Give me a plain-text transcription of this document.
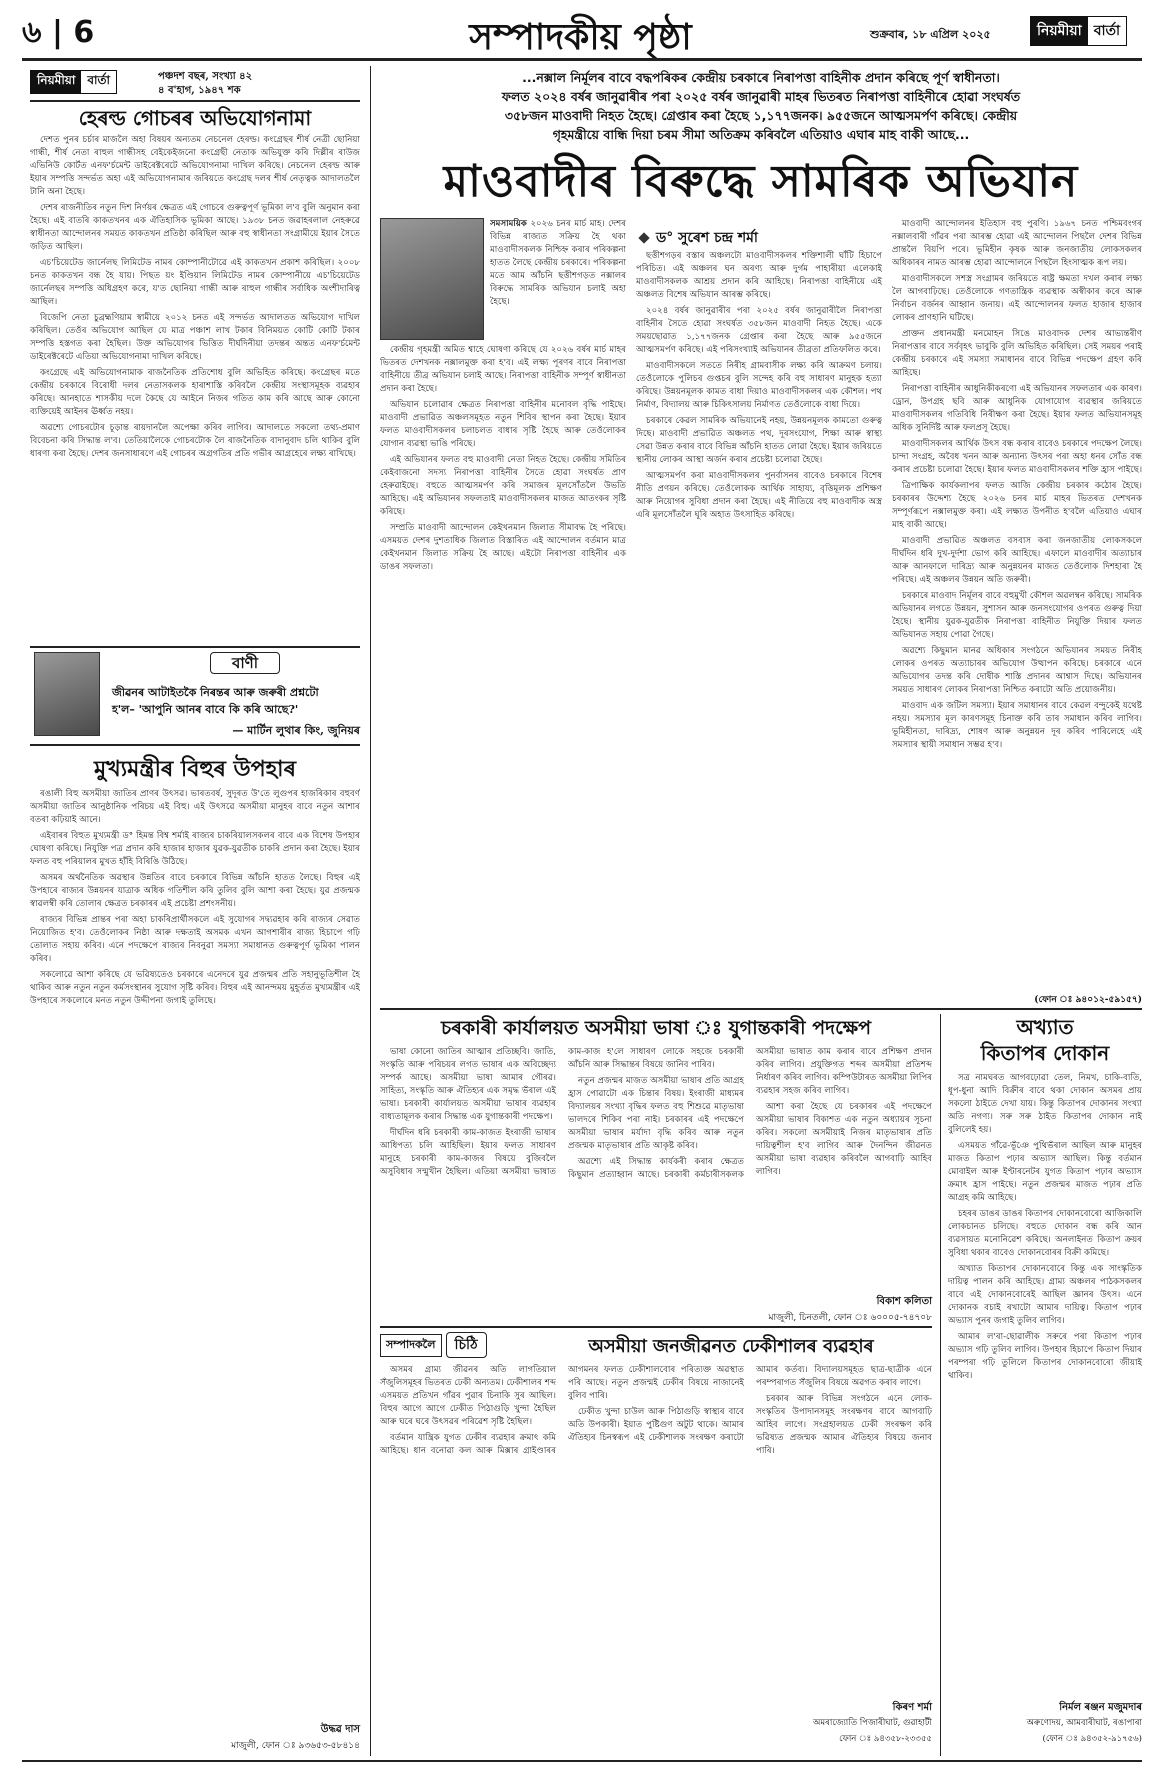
৬ | 6	সম্পাদকীয় পৃষ্ঠা	শুক্ৰবাৰ, ১৮ এপ্ৰিল ২০২৫	নিয়মীয়া বাৰ্তা
নিয়মীয়া	বাৰ্তা	পঞ্চদশ বছৰ, সংখ্যা ৪২
৪ ব'হাগ, ১৯৪৭ শক
হেৰল্ড গোচৰৰ অভিযোগনামা

দেশত পুনৰ চৰ্চাৰ মাজলৈ অহা বিষয়ৰ অন্যতম নেচনেল হেৰল্ড। কংগ্ৰেছৰ শীৰ্ষ নেত্ৰী ছোনিয়া গান্ধী, শীৰ্ষ নেতা ৰাহুল গান্ধীসহ বেইকেইজনো কংগ্ৰেছী নেতাক অভিযুক্ত কৰি দিল্লীৰ ৰাউজ এভিনিউ কোৰ্টত এনফ'ৰ্চমেন্ট ডাইৰেক্টৰেটে অভিযোগনামা দাখিল কৰিছে। নেচনেল হেৰল্ড আৰু ইয়াৰ সম্পত্তি সন্দৰ্ভত অহা এই অভিযোগনামাৰ জৰিয়তে কংগ্ৰেছ দলৰ শীৰ্ষ নেতৃত্বক আদালতলৈ টানি অনা হৈছে।

দেশৰ ৰাজনীতিৰ নতুন দিশ নিৰ্ণয়ৰ ক্ষেত্ৰত এই গোচৰে গুৰুত্বপূৰ্ণ ভূমিকা ল'ব বুলি অনুমান কৰা হৈছে। এই বাতৰি কাকতখনৰ এক ঐতিহাসিক ভূমিকা আছে। ১৯৩৮ চনত জৱাহৰলাল নেহৰুৱে স্বাধীনতা আন্দোলনৰ সময়ত কাকতখন প্ৰতিষ্ঠা কৰিছিল আৰু বহু স্বাধীনতা সংগ্ৰামীয়ে ইয়াৰ সৈতে জড়িত আছিল।

এচ'চিয়েটেড জাৰ্নেলছ লিমিটেড নামৰ কোম্পানীটোৱে এই কাকতখন প্ৰকাশ কৰিছিল। ২০০৮ চনত কাকতখন বন্ধ হৈ যায়। পিছত য়ং ইণ্ডিয়ান লিমিটেড নামৰ কোম্পানীয়ে এচ'চিয়েটেড জাৰ্নেলছৰ সম্পত্তি অধিগ্ৰহণ কৰে, য'ত ছোনিয়া গান্ধী আৰু ৰাহুল গান্ধীৰ সৰ্বাধিক অংশীদাৰিত্ব আছিল।

বিজেপি নেতা চুব্ৰহ্মণিয়াম স্বামীয়ে ২০১২ চনত এই সন্দৰ্ভত আদালতত অভিযোগ দাখিল কৰিছিল। তেওঁৰ অভিযোগ আছিল যে মাত্ৰ পঞ্চাশ লাখ টকাৰ বিনিময়ত কোটি কোটি টকাৰ সম্পত্তি হস্তগত কৰা হৈছিল। উক্ত অভিযোগৰ ভিত্তিত দীৰ্ঘদিনীয়া তদন্তৰ অন্তত এনফ'ৰ্চমেন্ট ডাইৰেক্টৰেটে এতিয়া অভিযোগনামা দাখিল কৰিছে।

কংগ্ৰেছে এই অভিযোগনামাক ৰাজনৈতিক প্ৰতিশোধ বুলি অভিহিত কৰিছে। কংগ্ৰেছৰ মতে কেন্দ্ৰীয় চৰকাৰে বিৰোধী দলৰ নেতাসকলক হাৰাশাস্তি কৰিবলৈ কেন্দ্ৰীয় সংস্থাসমূহক ব্যৱহাৰ কৰিছে। আনহাতে শাসকীয় দলে কৈছে যে আইনে নিজৰ গতিত কাম কৰি আছে আৰু কোনো ব্যক্তিয়েই আইনৰ ঊৰ্ধ্বত নহয়।

অৱশ্যে গোচৰটোৰ চূড়ান্ত ৰায়দানলৈ অপেক্ষা কৰিব লাগিব। আদালতে সকলো তথ্য-প্ৰমাণ বিবেচনা কৰি সিদ্ধান্ত ল'ব। তেতিয়ালৈকে গোচৰটোক লৈ ৰাজনৈতিক বাদানুবাদ চলি থাকিব বুলি ধাৰণা কৰা হৈছে। দেশৰ জনসাধাৰণে এই গোচৰৰ অগ্ৰগতিৰ প্ৰতি গভীৰ আগ্ৰহেৰে লক্ষ্য ৰাখিছে।

বাণী
জীৱনৰ আটাইতকৈ নিৰন্তৰ আৰু জৰুৰী প্ৰশ্নটো
হ'ল– 'আপুনি আনৰ বাবে কি কৰি আছে?'
— মাৰ্টিন লুথাৰ কিং, জুনিয়ৰ
মুখ্যমন্ত্ৰীৰ বিহুৰ উপহাৰ

ৰঙালী বিহু অসমীয়া জাতিৰ প্ৰাণৰ উৎসৱ। ভাৰতবৰ্ষ, সুদূৰত উ'তে লুগুপৰ হাজৰিকাৰ বহুবৰ্ণ অসমীয়া জাতিৰ আনুষ্ঠানিক পৰিচয় এই বিহু। এই উৎসৱে অসমীয়া মানুহৰ বাবে নতুন আশাৰ বতৰা কঢ়িয়াই আনে।

এইবাৰৰ বিহুত মুখ্যমন্ত্ৰী ড° হিমন্ত বিশ্ব শৰ্মাই ৰাজ্যৰ চাকৰিয়ালসকলৰ বাবে এক বিশেষ উপহাৰ ঘোষণা কৰিছে। নিযুক্তি পত্ৰ প্ৰদান কৰি হাজাৰ হাজাৰ যুৱক-যুৱতীক চাকৰি প্ৰদান কৰা হৈছে। ইয়াৰ ফলত বহু পৰিয়ালৰ মুখত হাঁহি বিৰিঙি উঠিছে।

অসমৰ অৰ্থনৈতিক অৱস্থাৰ উন্নতিৰ বাবে চৰকাৰে বিভিন্ন আঁচনি হাতত লৈছে। বিহুৰ এই উপহাৰে ৰাজ্যৰ উন্নয়নৰ যাত্ৰাক অধিক গতিশীল কৰি তুলিব বুলি আশা কৰা হৈছে। যুৱ প্ৰজন্মক স্বাৱলম্বী কৰি তোলাৰ ক্ষেত্ৰত চৰকাৰৰ এই প্ৰচেষ্টা প্ৰশংসনীয়।

ৰাজ্যৰ বিভিন্ন প্ৰান্তৰ পৰা অহা চাকৰিপ্ৰাৰ্থীসকলে এই সুযোগৰ সদ্ব্যৱহাৰ কৰি ৰাজ্যৰ সেৱাত নিয়োজিত হ'ব। তেওঁলোকৰ নিষ্ঠা আৰু দক্ষতাই অসমক এখন আগশাৰীৰ ৰাজ্য হিচাপে গঢ়ি তোলাত সহায় কৰিব। এনে পদক্ষেপে ৰাজ্যৰ নিবনুৱা সমস্যা সমাধানত গুৰুত্বপূৰ্ণ ভূমিকা পালন কৰিব।

সকলোৱে আশা কৰিছে যে ভৱিষ্যতেও চৰকাৰে এনেদৰে যুৱ প্ৰজন্মৰ প্ৰতি সহানুভূতিশীল হৈ থাকিব আৰু নতুন নতুন কৰ্মসংস্থানৰ সুযোগ সৃষ্টি কৰিব। বিহুৰ এই আনন্দময় মুহূৰ্তত মুখ্যমন্ত্ৰীৰ এই উপহাৰে সকলোৰে মনত নতুন উদ্দীপনা জগাই তুলিছে।

উদ্ধৱ দাস
মাজুলী, ফোন ঃ ৯৩৬৫৩-৫৮৪১৪
...নক্সাল নিৰ্মূলৰ বাবে বদ্ধপৰিকৰ কেন্দ্ৰীয় চৰকাৰে নিৰাপত্তা বাহিনীক প্ৰদান কৰিছে পূৰ্ণ স্বাধীনতা।
ফলত ২০২৪ বৰ্ষৰ জানুৱাৰীৰ পৰা ২০২৫ বৰ্ষৰ জানুৱাৰী মাহৰ ভিতৰত নিৰাপত্তা বাহিনীৰে হোৱা সংঘৰ্ষত
৩৫৮জন মাওবাদী নিহত হৈছে। গ্ৰেপ্তাৰ কৰা হৈছে ১,১৭৭জনক। ৯৫৫জনে আত্মসমৰ্পণ কৰিছে। কেন্দ্ৰীয়
গৃহমন্ত্ৰীয়ে বান্ধি দিয়া চৰম সীমা অতিক্ৰম কৰিবলৈ এতিয়াও এঘাৰ মাহ বাকী আছে...
মাওবাদীৰ বিৰুদ্ধে সামৰিক অভিযান
ড° সুৰেশ চন্দ্ৰ শৰ্মা
সমসাময়িক ২০২৬ চনৰ মাৰ্চ মাহ। দেশৰ বিভিন্ন ৰাজ্যত সক্ৰিয় হৈ থকা মাওবাদীসকলক নিশ্চিহ্ন কৰাৰ পৰিকল্পনা হাতত লৈছে কেন্দ্ৰীয় চৰকাৰে। পৰিকল্পনা মতে আম আঁচনি ছত্তীশগড়ত নক্সালৰ বিৰুদ্ধে সামৰিক অভিযান চলাই অহা হৈছে।

কেন্দ্ৰীয় গৃহমন্ত্ৰী অমিত শ্বাহে ঘোষণা কৰিছে যে ২০২৬ বৰ্ষৰ মাৰ্চ মাহৰ ভিতৰত দেশখনক নক্সালমুক্ত কৰা হ'ব। এই লক্ষ্য পূৰণৰ বাবে নিৰাপত্তা বাহিনীয়ে তীব্ৰ অভিযান চলাই আছে। নিৰাপত্তা বাহিনীক সম্পূৰ্ণ স্বাধীনতা প্ৰদান কৰা হৈছে।

অভিযান চলোৱাৰ ক্ষেত্ৰত নিৰাপত্তা বাহিনীৰ মনোবল বৃদ্ধি পাইছে। মাওবাদী প্ৰভাৱিত অঞ্চলসমূহত নতুন শিবিৰ স্থাপন কৰা হৈছে। ইয়াৰ ফলত মাওবাদীসকলৰ চলাচলত বাধাৰ সৃষ্টি হৈছে আৰু তেওঁলোকৰ যোগান ব্যৱস্থা ভাঙি পৰিছে।

এই অভিযানৰ ফলত বহু মাওবাদী নেতা নিহত হৈছে। কেন্দ্ৰীয় সমিতিৰ কেইবাজনো সদস্য নিৰাপত্তা বাহিনীৰ সৈতে হোৱা সংঘৰ্ষত প্ৰাণ হেৰুৱাইছে। বহুতে আত্মসমৰ্পণ কৰি সমাজৰ মূলসোঁতলৈ উভতি আহিছে। এই অভিযানৰ সফলতাই মাওবাদীসকলৰ মাজত আতংকৰ সৃষ্টি কৰিছে।

সম্প্ৰতি মাওবাদী আন্দোলন কেইখনমান জিলাত সীমাবদ্ধ হৈ পৰিছে। এসময়ত দেশৰ দুশতাধিক জিলাত বিস্তাৰিত এই আন্দোলন বৰ্তমান মাত্ৰ কেইখনমান জিলাত সক্ৰিয় হৈ আছে। এইটো নিৰাপত্তা বাহিনীৰ এক ডাঙৰ সফলতা।

ছত্তীশগড়ৰ বস্তাৰ অঞ্চলটো মাওবাদীসকলৰ শক্তিশালী ঘাঁটি হিচাপে পৰিচিত। এই অঞ্চলৰ ঘন অৰণ্য আৰু দুৰ্গম পাহাৰীয়া এলেকাই মাওবাদীসকলক আশ্ৰয় প্ৰদান কৰি আহিছে। নিৰাপত্তা বাহিনীয়ে এই অঞ্চলত বিশেষ অভিযান আৰম্ভ কৰিছে।

২০২৪ বৰ্ষৰ জানুৱাৰীৰ পৰা ২০২৫ বৰ্ষৰ জানুৱাৰীলৈ নিৰাপত্তা বাহিনীৰ সৈতে হোৱা সংঘৰ্ষত ৩৫৮জন মাওবাদী নিহত হৈছে। একে সময়ছোৱাত ১,১৭৭জনক গ্ৰেপ্তাৰ কৰা হৈছে আৰু ৯৫৫জনে আত্মসমৰ্পণ কৰিছে। এই পৰিসংখ্যাই অভিযানৰ তীব্ৰতা প্ৰতিফলিত কৰে।

মাওবাদীসকলে সততে নিৰীহ গ্ৰামবাসীক লক্ষ্য কৰি আক্ৰমণ চলায়। তেওঁলোকে পুলিচৰ গুপ্তচৰ বুলি সন্দেহ কৰি বহু সাধাৰণ মানুহক হত্যা কৰিছে। উন্নয়নমূলক কামত বাধা দিয়াও মাওবাদীসকলৰ এক কৌশল। পথ নিৰ্মাণ, বিদ্যালয় আৰু চিকিৎসালয় নিৰ্মাণত তেওঁলোকে বাধা দিয়ে।

চৰকাৰে কেৱল সামৰিক অভিযানেই নহয়, উন্নয়নমূলক কামতো গুৰুত্ব দিছে। মাওবাদী প্ৰভাৱিত অঞ্চলত পথ, দূৰসংযোগ, শিক্ষা আৰু স্বাস্থ্য সেৱা উন্নত কৰাৰ বাবে বিভিন্ন আঁচনি হাতত লোৱা হৈছে। ইয়াৰ জৰিয়তে স্থানীয় লোকৰ আস্থা অৰ্জন কৰাৰ প্ৰচেষ্টা চলোৱা হৈছে।

আত্মসমৰ্পণ কৰা মাওবাদীসকলৰ পুনৰ্বাসনৰ বাবেও চৰকাৰে বিশেষ নীতি প্ৰণয়ন কৰিছে। তেওঁলোকক আৰ্থিক সাহায্য, বৃত্তিমূলক প্ৰশিক্ষণ আৰু নিয়োগৰ সুবিধা প্ৰদান কৰা হৈছে। এই নীতিয়ে বহু মাওবাদীক অস্ত্ৰ এৰি মূলসোঁতলৈ ঘূৰি অহাত উৎসাহিত কৰিছে।

মাওবাদী আন্দোলনৰ ইতিহাস বহু পুৰণি। ১৯৬৭ চনত পশ্চিমবংগৰ নক্সালবাৰী গাঁৱৰ পৰা আৰম্ভ হোৱা এই আন্দোলন পিছলৈ দেশৰ বিভিন্ন প্ৰান্তলৈ বিয়পি পৰে। ভূমিহীন কৃষক আৰু জনজাতীয় লোকসকলৰ অধিকাৰৰ নামত আৰম্ভ হোৱা আন্দোলনে পিছলৈ হিংসাত্মক ৰূপ লয়।

মাওবাদীসকলে সশস্ত্ৰ সংগ্ৰামৰ জৰিয়তে ৰাষ্ট্ৰ ক্ষমতা দখল কৰাৰ লক্ষ্য লৈ আগবাঢ়িছে। তেওঁলোকে গণতান্ত্ৰিক ব্যৱস্থাক অস্বীকাৰ কৰে আৰু নিৰ্বাচন বৰ্জনৰ আহ্বান জনায়। এই আন্দোলনৰ ফলত হাজাৰ হাজাৰ লোকৰ প্ৰাণহানি ঘটিছে।

প্ৰাক্তন প্ৰধানমন্ত্ৰী মনমোহন সিঙে মাওবাদক দেশৰ আভ্যন্তৰীণ নিৰাপত্তাৰ বাবে সৰ্ববৃহৎ ভাবুকি বুলি অভিহিত কৰিছিল। সেই সময়ৰ পৰাই কেন্দ্ৰীয় চৰকাৰে এই সমস্যা সমাধানৰ বাবে বিভিন্ন পদক্ষেপ গ্ৰহণ কৰি আহিছে।

নিৰাপত্তা বাহিনীৰ আধুনিকীকৰণো এই অভিযানৰ সফলতাৰ এক কাৰণ। ড্ৰোন, উপগ্ৰহ ছবি আৰু আধুনিক যোগাযোগ ব্যৱস্থাৰ জৰিয়তে মাওবাদীসকলৰ গতিবিধি নিৰীক্ষণ কৰা হৈছে। ইয়াৰ ফলত অভিযানসমূহ অধিক সুনিৰ্দিষ্ট আৰু ফলপ্ৰসূ হৈছে।

মাওবাদীসকলৰ আৰ্থিক উৎস বন্ধ কৰাৰ বাবেও চৰকাৰে পদক্ষেপ লৈছে। চান্দা সংগ্ৰহ, অবৈধ খনন আৰু অন্যান্য উৎসৰ পৰা অহা ধনৰ সোঁত বন্ধ কৰাৰ প্ৰচেষ্টা চলোৱা হৈছে। ইয়াৰ ফলত মাওবাদীসকলৰ শক্তি হ্ৰাস পাইছে।

ত্ৰিপাক্ষিক কাৰ্যকলাপৰ ফলত আজি কেন্দ্ৰীয় চৰকাৰ কঠোৰ হৈছে। চৰকাৰৰ উদ্দেশ্য হৈছে ২০২৬ চনৰ মাৰ্চ মাহৰ ভিতৰত দেশখনক সম্পূৰ্ণৰূপে নক্সালমুক্ত কৰা। এই লক্ষ্যত উপনীত হ'বলৈ এতিয়াও এঘাৰ মাহ বাকী আছে।

মাওবাদী প্ৰভাৱিত অঞ্চলত বসবাস কৰা জনজাতীয় লোকসকলে দীৰ্ঘদিন ধৰি দুখ-দুৰ্দশা ভোগ কৰি আহিছে। এফালে মাওবাদীৰ অত্যাচাৰ আৰু আনফালে দাৰিদ্ৰ্য আৰু অনুন্নয়নৰ মাজত তেওঁলোক দিশহাৰা হৈ পৰিছে। এই অঞ্চলৰ উন্নয়ন অতি জৰুৰী।

চৰকাৰে মাওবাদ নিৰ্মূলৰ বাবে বহুমুখী কৌশল অৱলম্বন কৰিছে। সামৰিক অভিযানৰ লগতে উন্নয়ন, সুশাসন আৰু জনসংযোগৰ ওপৰত গুৰুত্ব দিয়া হৈছে। স্থানীয় যুৱক-যুৱতীক নিৰাপত্তা বাহিনীত নিযুক্তি দিয়াৰ ফলত অভিযানত সহায় পোৱা গৈছে।

অৱশ্যে কিছুমান মানৱ অধিকাৰ সংগঠনে অভিযানৰ সময়ত নিৰীহ লোকৰ ওপৰত অত্যাচাৰৰ অভিযোগ উত্থাপন কৰিছে। চৰকাৰে এনে অভিযোগৰ তদন্ত কৰি দোষীক শাস্তি প্ৰদানৰ আশ্বাস দিছে। অভিযানৰ সময়ত সাধাৰণ লোকৰ নিৰাপত্তা নিশ্চিত কৰাটো অতি প্ৰয়োজনীয়।

মাওবাদ এক জটিল সমস্যা। ইয়াৰ সমাধানৰ বাবে কেৱল বন্দুকেই যথেষ্ট নহয়। সমস্যাৰ মূল কাৰণসমূহ চিনাক্ত কৰি তাৰ সমাধান কৰিব লাগিব। ভূমিহীনতা, দাৰিদ্ৰ্য, শোষণ আৰু অনুন্নয়ন দূৰ কৰিব পাৰিলেহে এই সমস্যাৰ স্থায়ী সমাধান সম্ভৱ হ'ব।

(ফোন ঃ ৯৪০১২-৫৯১৫৭)
চৰকাৰী কাৰ্যালয়ত অসমীয়া ভাষা ঃ যুগান্তকাৰী পদক্ষেপ

ভাষা কোনো জাতিৰ আত্মাৰ প্ৰতিচ্ছবি। জাতি, সংস্কৃতি আৰু পৰিচয়ৰ লগত ভাষাৰ এক অবিচ্ছেদ্য সম্পৰ্ক আছে। অসমীয়া ভাষা আমাৰ গৌৰৱ। সাহিত্য, সংস্কৃতি আৰু ঐতিহ্যৰ এক সমৃদ্ধ ভঁৰাল এই ভাষা। চৰকাৰী কাৰ্যালয়ত অসমীয়া ভাষাৰ ব্যৱহাৰ বাধ্যতামূলক কৰাৰ সিদ্ধান্ত এক যুগান্তকাৰী পদক্ষেপ।

দীৰ্ঘদিন ধৰি চৰকাৰী কাম-কাজত ইংৰাজী ভাষাৰ আধিপত্য চলি আহিছিল। ইয়াৰ ফলত সাধাৰণ মানুহে চৰকাৰী কাম-কাজৰ বিষয়ে বুজিবলৈ অসুবিধাৰ সন্মুখীন হৈছিল। এতিয়া অসমীয়া ভাষাত কাম-কাজ হ'লে সাধাৰণ লোকে সহজে চৰকাৰী আঁচনি আৰু সিদ্ধান্তৰ বিষয়ে জানিব পাৰিব।

নতুন প্ৰজন্মৰ মাজত অসমীয়া ভাষাৰ প্ৰতি আগ্ৰহ হ্ৰাস পোৱাটো এক চিন্তাৰ বিষয়। ইংৰাজী মাধ্যমৰ বিদ্যালয়ৰ সংখ্যা বৃদ্ধিৰ ফলত বহু শিশুৱে মাতৃভাষা ভালদৰে শিকিব পৰা নাই। চৰকাৰৰ এই পদক্ষেপে অসমীয়া ভাষাৰ মৰ্যাদা বৃদ্ধি কৰিব আৰু নতুন প্ৰজন্মক মাতৃভাষাৰ প্ৰতি আকৃষ্ট কৰিব।

অৱশ্যে এই সিদ্ধান্ত কাৰ্যকৰী কৰাৰ ক্ষেত্ৰত কিছুমান প্ৰত্যাহ্বান আছে। চৰকাৰী কৰ্মচাৰীসকলক অসমীয়া ভাষাত কাম কৰাৰ বাবে প্ৰশিক্ষণ প্ৰদান কৰিব লাগিব। প্ৰযুক্তিগত শব্দৰ অসমীয়া প্ৰতিশব্দ নিৰ্ধাৰণ কৰিব লাগিব। কম্পিউটাৰত অসমীয়া লিপিৰ ব্যৱহাৰ সহজ কৰিব লাগিব।

আশা কৰা হৈছে যে চৰকাৰৰ এই পদক্ষেপে অসমীয়া ভাষাৰ বিকাশত এক নতুন অধ্যায়ৰ সূচনা কৰিব। সকলো অসমীয়াই নিজৰ মাতৃভাষাৰ প্ৰতি দায়িত্বশীল হ'ব লাগিব আৰু দৈনন্দিন জীৱনত অসমীয়া ভাষা ব্যৱহাৰ কৰিবলৈ আগবাঢ়ি আহিব লাগিব।

বিকাশ কলিতা
মাজুলী, চিনতলী, ফোন ঃ ৬০০০৫-৭৪৭০৮
অখ্যাত
কিতাপৰ দোকান

সত্ৰ নামঘৰত আগবঢ়োৱা তেল, নিমখ, চাকি-বাতি, ধূপ-ধুনা আদি বিক্ৰীৰ বাবে থকা দোকান অসমৰ প্ৰায় সকলো ঠাইতে দেখা যায়। কিন্তু কিতাপৰ দোকানৰ সংখ্যা অতি নগণ্য। সৰু সৰু ঠাইত কিতাপৰ দোকান নাই বুলিলেই হয়।

এসময়ত গাঁৱে-ভূঁঞে পুথিভঁৰাল আছিল আৰু মানুহৰ মাজত কিতাপ পঢ়াৰ অভ্যাস আছিল। কিন্তু বৰ্তমান মোবাইল আৰু ইণ্টাৰনেটৰ যুগত কিতাপ পঢ়াৰ অভ্যাস ক্ৰমাৎ হ্ৰাস পাইছে। নতুন প্ৰজন্মৰ মাজত পঢ়াৰ প্ৰতি আগ্ৰহ কমি আহিছে।

চহৰৰ ডাঙৰ ডাঙৰ কিতাপৰ দোকানবোৰো আজিকালি লোকচানত চলিছে। বহুতে দোকান বন্ধ কৰি আন ব্যৱসায়ত মনোনিৱেশ কৰিছে। অনলাইনত কিতাপ ক্ৰয়ৰ সুবিধা থকাৰ বাবেও দোকানবোৰৰ বিক্ৰী কমিছে।

অখ্যাত কিতাপৰ দোকানবোৰে কিন্তু এক সাংস্কৃতিক দায়িত্ব পালন কৰি আহিছে। গ্ৰাম্য অঞ্চলৰ পাঠকসকলৰ বাবে এই দোকানবোৰেই আছিল জ্ঞানৰ উৎস। এনে দোকানক বচাই ৰখাটো আমাৰ দায়িত্ব। কিতাপ পঢ়াৰ অভ্যাস পুনৰ জগাই তুলিব লাগিব।

আমাৰ ল'ৰা-ছোৱালীক সৰুৰে পৰা কিতাপ পঢ়াৰ অভ্যাস গঢ়ি তুলিব লাগিব। উপহাৰ হিচাপে কিতাপ দিয়াৰ পৰম্পৰা গঢ়ি তুলিলে কিতাপৰ দোকানবোৰো জীয়াই থাকিব।

নিৰ্মল ৰঞ্জন মজুমদাৰ
অৰুণোদয়, আমবাৰীঘাট, ৰঙাপাৰা
(ফোন ঃ ৯৪৩৫২-৯১৭৫৬)
সম্পাদকলৈ	চিঠি	অসমীয়া জনজীৱনত ঢেকীশালৰ ব্যৱহাৰ

অসমৰ গ্ৰাম্য জীৱনৰ অতি লাগতিয়াল সঁজুলিসমূহৰ ভিতৰত ঢেকী অন্যতম। ঢেকীশালৰ শব্দ এসময়ত প্ৰতিখন গাঁৱৰ পুৱাৰ চিনাকি সুৰ আছিল। বিহুৰ আগে আগে ঢেকীত পিঠাগুড়ি খুন্দা হৈছিল আৰু ঘৰে ঘৰে উৎসৱৰ পৰিৱেশ সৃষ্টি হৈছিল।

বৰ্তমান যান্ত্ৰিক যুগত ঢেকীৰ ব্যৱহাৰ ক্ৰমাৎ কমি আহিছে। ধান বনোৱা কল আৰু মিক্সাৰ গ্ৰাইণ্ডাৰৰ আগমনৰ ফলত ঢেকীশালবোৰ পৰিত্যক্ত অৱস্থাত পৰি আছে। নতুন প্ৰজন্মই ঢেকীৰ বিষয়ে নাজানেই বুলিব পাৰি।

ঢেকীত খুন্দা চাউল আৰু পিঠাগুড়ি স্বাস্থ্যৰ বাবে অতি উপকাৰী। ইয়াত পুষ্টিগুণ অটুট থাকে। আমাৰ ঐতিহ্যৰ চিনস্বৰূপ এই ঢেকীশালক সংৰক্ষণ কৰাটো আমাৰ কৰ্তব্য। বিদ্যালয়সমূহত ছাত্ৰ-ছাত্ৰীক এনে পৰম্পৰাগত সঁজুলিৰ বিষয়ে অৱগত কৰাব লাগে।

চৰকাৰ আৰু বিভিন্ন সংগঠনে এনে লোক-সংস্কৃতিৰ উপাদানসমূহ সংৰক্ষণৰ বাবে আগবাঢ়ি আহিব লাগে। সংগ্ৰহালয়ত ঢেকী সংৰক্ষণ কৰি ভৱিষ্যত প্ৰজন্মক আমাৰ ঐতিহ্যৰ বিষয়ে জনাব পাৰি।

কিৰণ শৰ্মা
অমৰাজ্যোতি পিজাৰীঘাট, গুৱাহাটী
ফোন ঃ ৯৪৩৫৮-২৩৩৫৫
